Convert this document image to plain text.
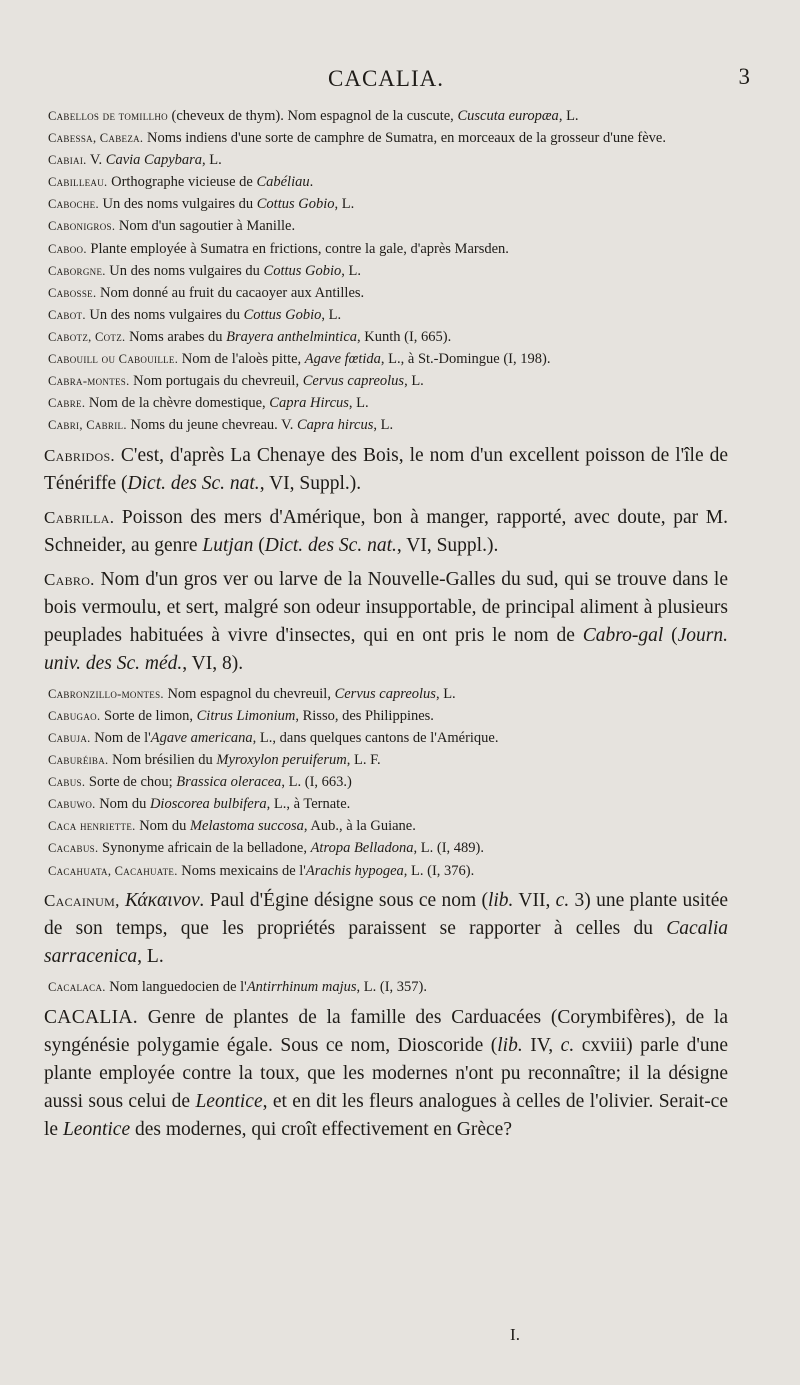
CACALIA.	3

Cabellos de tomillho (cheveux de thym). Nom espagnol de la cuscute, Cuscuta europæa, L.

Cabessa, Cabeza. Noms indiens d'une sorte de camphre de Sumatra, en morceaux de la grosseur d'une fève.

Cabiai. V. Cavia Capybara, L.

Cabilleau. Orthographe vicieuse de Cabéliau.

Caboche. Un des noms vulgaires du Cottus Gobio, L.

Cabonigros. Nom d'un sagoutier à Manille.

Caboo. Plante employée à Sumatra en frictions, contre la gale, d'après Marsden.

Caborgne. Un des noms vulgaires du Cottus Gobio, L.

Cabosse. Nom donné au fruit du cacaoyer aux Antilles.

Cabot. Un des noms vulgaires du Cottus Gobio, L.

Cabotz, Cotz. Noms arabes du Brayera anthelmintica, Kunth (I, 665).

Cabouill ou Cabouille. Nom de l'aloès pitte, Agave fœtida, L., à St.-Domingue (I, 198).

Cabra-montes. Nom portugais du chevreuil, Cervus capreolus, L.

Cabre. Nom de la chèvre domestique, Capra Hircus, L.

Cabri, Cabril. Noms du jeune chevreau. V. Capra hircus, L.

Cabridos. C'est, d'après La Chenaye des Bois, le nom d'un excellent poisson de l'île de Ténériffe (Dict. des Sc. nat., VI, Suppl.).

Cabrilla. Poisson des mers d'Amérique, bon à manger, rapporté, avec doute, par M. Schneider, au genre Lutjan (Dict. des Sc. nat., VI, Suppl.).

Cabro. Nom d'un gros ver ou larve de la Nouvelle-Galles du sud, qui se trouve dans le bois vermoulu, et sert, malgré son odeur insupportable, de principal aliment à plusieurs peuplades habituées à vivre d'insectes, qui en ont pris le nom de Cabro-gal (Journ. univ. des Sc. méd., VI, 8).

Cabronzillo-montes. Nom espagnol du chevreuil, Cervus capreolus, L.

Cabugao. Sorte de limon, Citrus Limonium, Risso, des Philippines.

Cabuja. Nom de l'Agave americana, L., dans quelques cantons de l'Amérique.

Caburéiba. Nom brésilien du Myroxylon peruiferum, L. F.

Cabus. Sorte de chou; Brassica oleracea, L. (I, 663.)

Cabuwo. Nom du Dioscorea bulbifera, L., à Ternate.

Caca henriette. Nom du Melastoma succosa, Aub., à la Guiane.

Cacabus. Synonyme africain de la belladone, Atropa Belladona, L. (I, 489).

Cacahuata, Cacahuate. Noms mexicains de l'Arachis hypogea, L. (I, 376).

Cacainum, Κάκαινον. Paul d'Égine désigne sous ce nom (lib. VII, c. 3) une plante usitée de son temps, que les propriétés paraissent se rapporter à celles du Cacalia sarracenica, L.

Cacalaca. Nom languedocien de l'Antirrhinum majus, L. (I, 357).

CACALIA. Genre de plantes de la famille des Carduacées (Corymbifères), de la syngénésie polygamie égale. Sous ce nom, Dioscoride (lib. IV, c. cxviii) parle d'une plante employée contre la toux, que les modernes n'ont pu reconnaître; il la désigne aussi sous celui de Leontice, et en dit les fleurs analogues à celles de l'olivier. Serait-ce le Leontice des modernes, qui croît effectivement en Grèce?

I.
